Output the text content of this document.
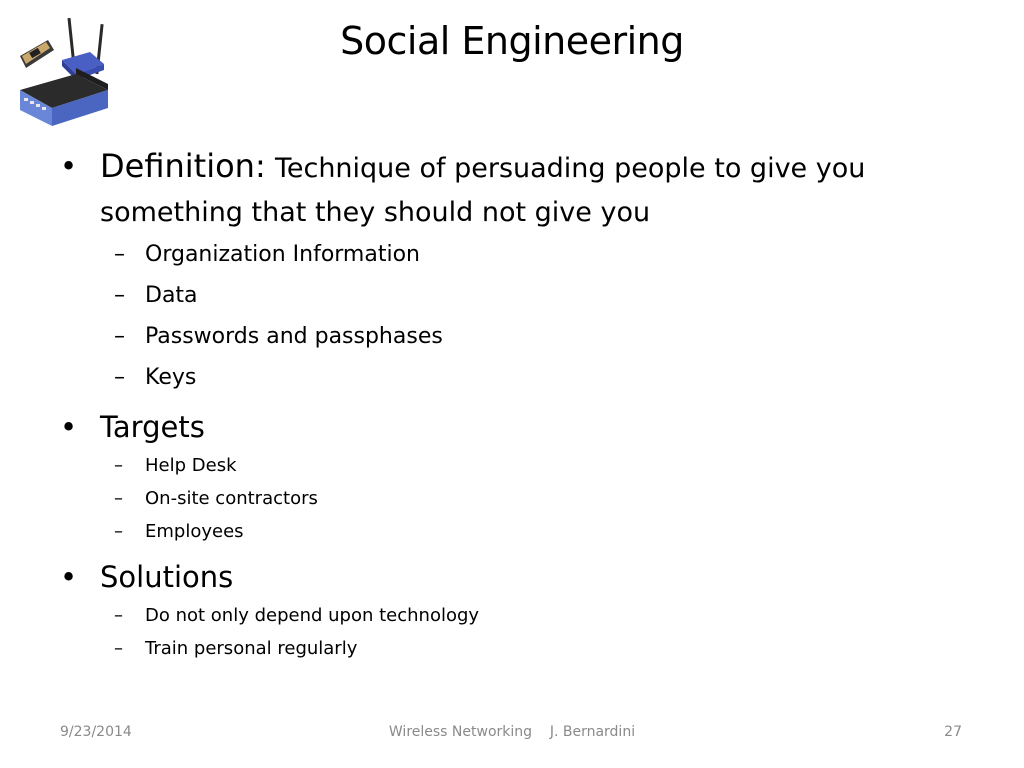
Social Engineering
• Definition: Technique of persuading people to give you something that they should not give you
– Organization Information
– Data
– Passwords and passphases
– Keys
• Targets
– Help Desk
– On-site contractors
– Employees
• Solutions
– Do not only depend upon technology
– Train personal regularly
9/23/2014	Wireless Networking    J. Bernardini	27
